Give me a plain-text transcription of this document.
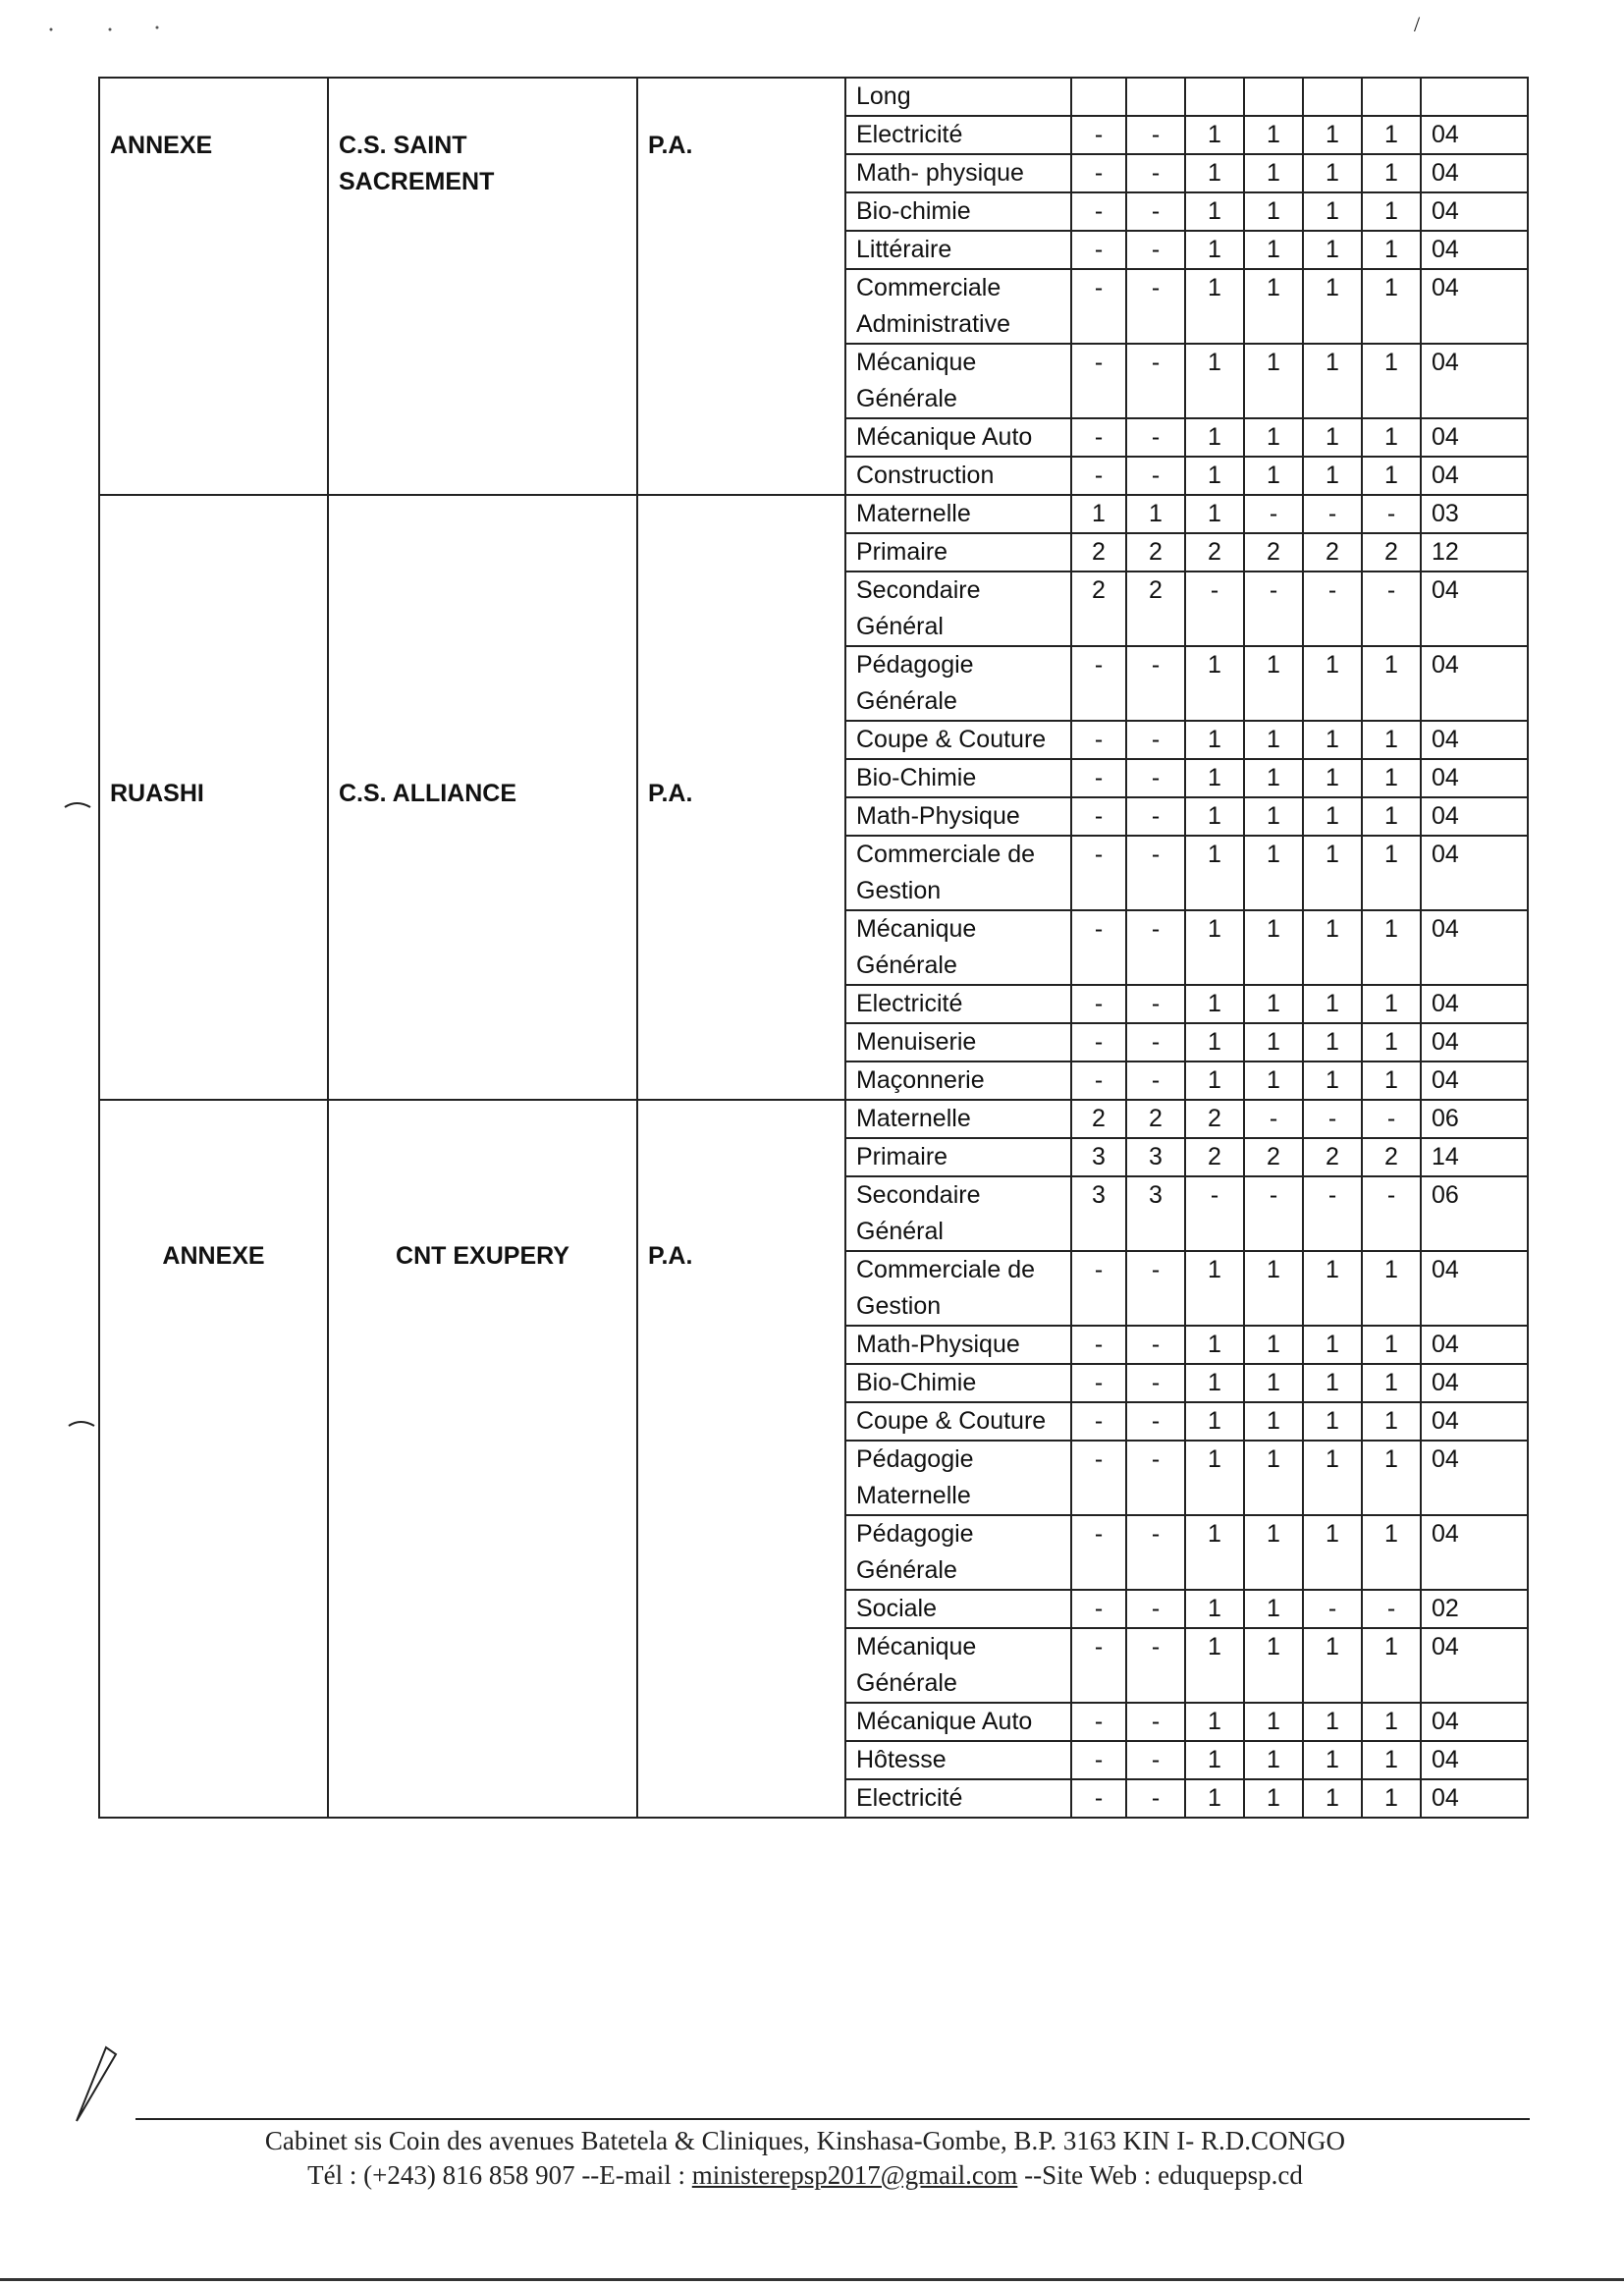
/
ANNEXE	C.S. SAINT SACREMENT	P.A.	Long							
			Electricité	-	-	1	1	1	1	04
			Math- physique	-	-	1	1	1	1	04
			Bio-chimie	-	-	1	1	1	1	04
			Littéraire	-	-	1	1	1	1	04
			Commerciale Administrative	-	-	1	1	1	1	04
			Mécanique Générale	-	-	1	1	1	1	04
			Mécanique Auto	-	-	1	1	1	1	04
			Construction	-	-	1	1	1	1	04

RUASHI	C.S. ALLIANCE	P.A.	Maternelle	1	1	1	-	-	-	03
			Primaire	2	2	2	2	2	2	12
			Secondaire Général	2	2	-	-	-	-	04
			Pédagogie Générale	-	-	1	1	1	1	04
			Coupe & Couture	-	-	1	1	1	1	04
			Bio-Chimie	-	-	1	1	1	1	04
			Math-Physique	-	-	1	1	1	1	04
			Commerciale de Gestion	-	-	1	1	1	1	04
			Mécanique Générale	-	-	1	1	1	1	04
			Electricité	-	-	1	1	1	1	04
			Menuiserie	-	-	1	1	1	1	04
			Maçonnerie	-	-	1	1	1	1	04

ANNEXE	CNT EXUPERY	P.A.	Maternelle	2	2	2	-	-	-	06
			Primaire	3	3	2	2	2	2	14
			Secondaire Général	3	3	-	-	-	-	06
			Commerciale de Gestion	-	-	1	1	1	1	04
			Math-Physique	-	-	1	1	1	1	04
			Bio-Chimie	-	-	1	1	1	1	04
			Coupe & Couture	-	-	1	1	1	1	04
			Pédagogie Maternelle	-	-	1	1	1	1	04
			Pédagogie Générale	-	-	1	1	1	1	04
			Sociale	-	-	1	1	-	-	02
			Mécanique Générale	-	-	1	1	1	1	04
			Mécanique Auto	-	-	1	1	1	1	04
			Hôtesse	-	-	1	1	1	1	04
			Electricité	-	-	1	1	1	1	04
Cabinet sis Coin des avenues Batetela & Cliniques, Kinshasa-Gombe, B.P. 3163 KIN I- R.D.CONGO
Tél : (+243) 816 858 907 --E-mail : ministerepsp2017@gmail.com --Site Web : eduquepsp.cd
